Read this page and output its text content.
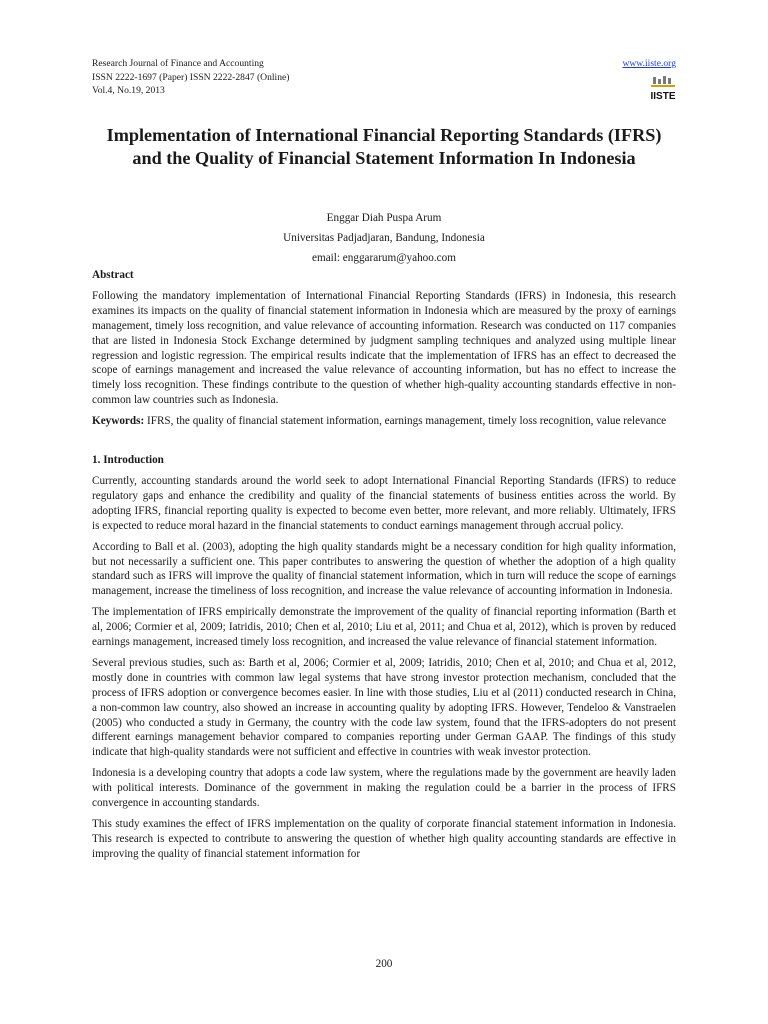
Research Journal of Finance and Accounting
ISSN 2222-1697 (Paper) ISSN 2222-2847 (Online)
Vol.4, No.19, 2013
www.iiste.org
IISTE
Implementation of International Financial Reporting Standards (IFRS) and the Quality of Financial Statement Information In Indonesia
Enggar Diah Puspa Arum
Universitas Padjadjaran, Bandung, Indonesia
email: enggararum@yahoo.com
Abstract

Following the mandatory implementation of International Financial Reporting Standards (IFRS) in Indonesia, this research examines its impacts on the quality of financial statement information in Indonesia which are measured by the proxy of earnings management, timely loss recognition, and value relevance of accounting information. Research was conducted on 117 companies that are listed in Indonesia Stock Exchange determined by judgment sampling techniques and analyzed using multiple linear regression and logistic regression. The empirical results indicate that the implementation of IFRS has an effect to decreased the scope of earnings management and increased the value relevance of accounting information, but has no effect to increase the timely loss recognition. These findings contribute to the question of whether high-quality accounting standards effective in non-common law countries such as Indonesia.

Keywords: IFRS, the quality of financial statement information, earnings management, timely loss recognition, value relevance

1. Introduction

Currently, accounting standards around the world seek to adopt International Financial Reporting Standards (IFRS) to reduce regulatory gaps and enhance the credibility and quality of the financial statements of business entities across the world. By adopting IFRS, financial reporting quality is expected to become even better, more relevant, and more reliably. Ultimately, IFRS is expected to reduce moral hazard in the financial statements to conduct earnings management through accrual policy.

According to Ball et al. (2003), adopting the high quality standards might be a necessary condition for high quality information, but not necessarily a sufficient one. This paper contributes to answering the question of whether the adoption of a high quality standard such as IFRS will improve the quality of financial statement information, which in turn will reduce the scope of earnings management, increase the timeliness of loss recognition, and increase the value relevance of accounting information in Indonesia.

The implementation of IFRS empirically demonstrate the improvement of the quality of financial reporting information (Barth et al, 2006; Cormier et al, 2009; Iatridis, 2010; Chen et al, 2010; Liu et al, 2011; and Chua et al, 2012), which is proven by reduced earnings management, increased timely loss recognition, and increased the value relevance of financial statement information.

Several previous studies, such as: Barth et al, 2006; Cormier et al, 2009; Iatridis, 2010; Chen et al, 2010; and Chua et al, 2012, mostly done in countries with common law legal systems that have strong investor protection mechanism, concluded that the process of IFRS adoption or convergence becomes easier. In line with those studies, Liu et al (2011) conducted research in China, a non-common law country, also showed an increase in accounting quality by adopting IFRS. However, Tendeloo & Vanstraelen (2005) who conducted a study in Germany, the country with the code law system, found that the IFRS-adopters do not present different earnings management behavior compared to companies reporting under German GAAP. The findings of this study indicate that high-quality standards were not sufficient and effective in countries with weak investor protection.

Indonesia is a developing country that adopts a code law system, where the regulations made by the government are heavily laden with political interests. Dominance of the government in making the regulation could be a barrier in the process of IFRS convergence in accounting standards.

This study examines the effect of IFRS implementation on the quality of corporate financial statement information in Indonesia. This research is expected to contribute to answering the question of whether high quality accounting standards are effective in improving the quality of financial statement information for

200
